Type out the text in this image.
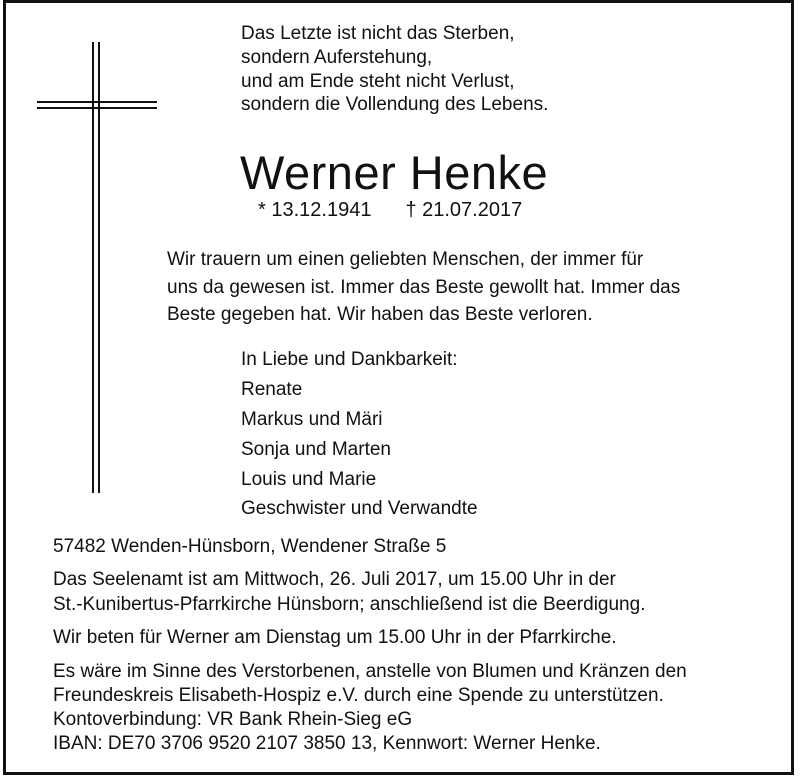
Das Letzte ist nicht das Sterben,
sondern Auferstehung,
und am Ende steht nicht Verlust,
sondern die Vollendung des Lebens.
Werner Henke
* 13.12.1941 † 21.07.2017
Wir trauern um einen geliebten Menschen, der immer für
uns da gewesen ist. Immer das Beste gewollt hat. Immer das
Beste gegeben hat. Wir haben das Beste verloren.
In Liebe und Dankbarkeit:
Renate
Markus und Märi
Sonja und Marten
Louis und Marie
Geschwister und Verwandte
57482 Wenden-Hünsborn, Wendener Straße 5
Das Seelenamt ist am Mittwoch, 26. Juli 2017, um 15.00 Uhr in der
St.-Kunibertus-Pfarrkirche Hünsborn; anschließend ist die Beerdigung.
Wir beten für Werner am Dienstag um 15.00 Uhr in der Pfarrkirche.
Es wäre im Sinne des Verstorbenen, anstelle von Blumen und Kränzen den
Freundeskreis Elisabeth-Hospiz e.V. durch eine Spende zu unterstützen.
Kontoverbindung: VR Bank Rhein-Sieg eG
IBAN: DE70 3706 9520 2107 3850 13, Kennwort: Werner Henke.
